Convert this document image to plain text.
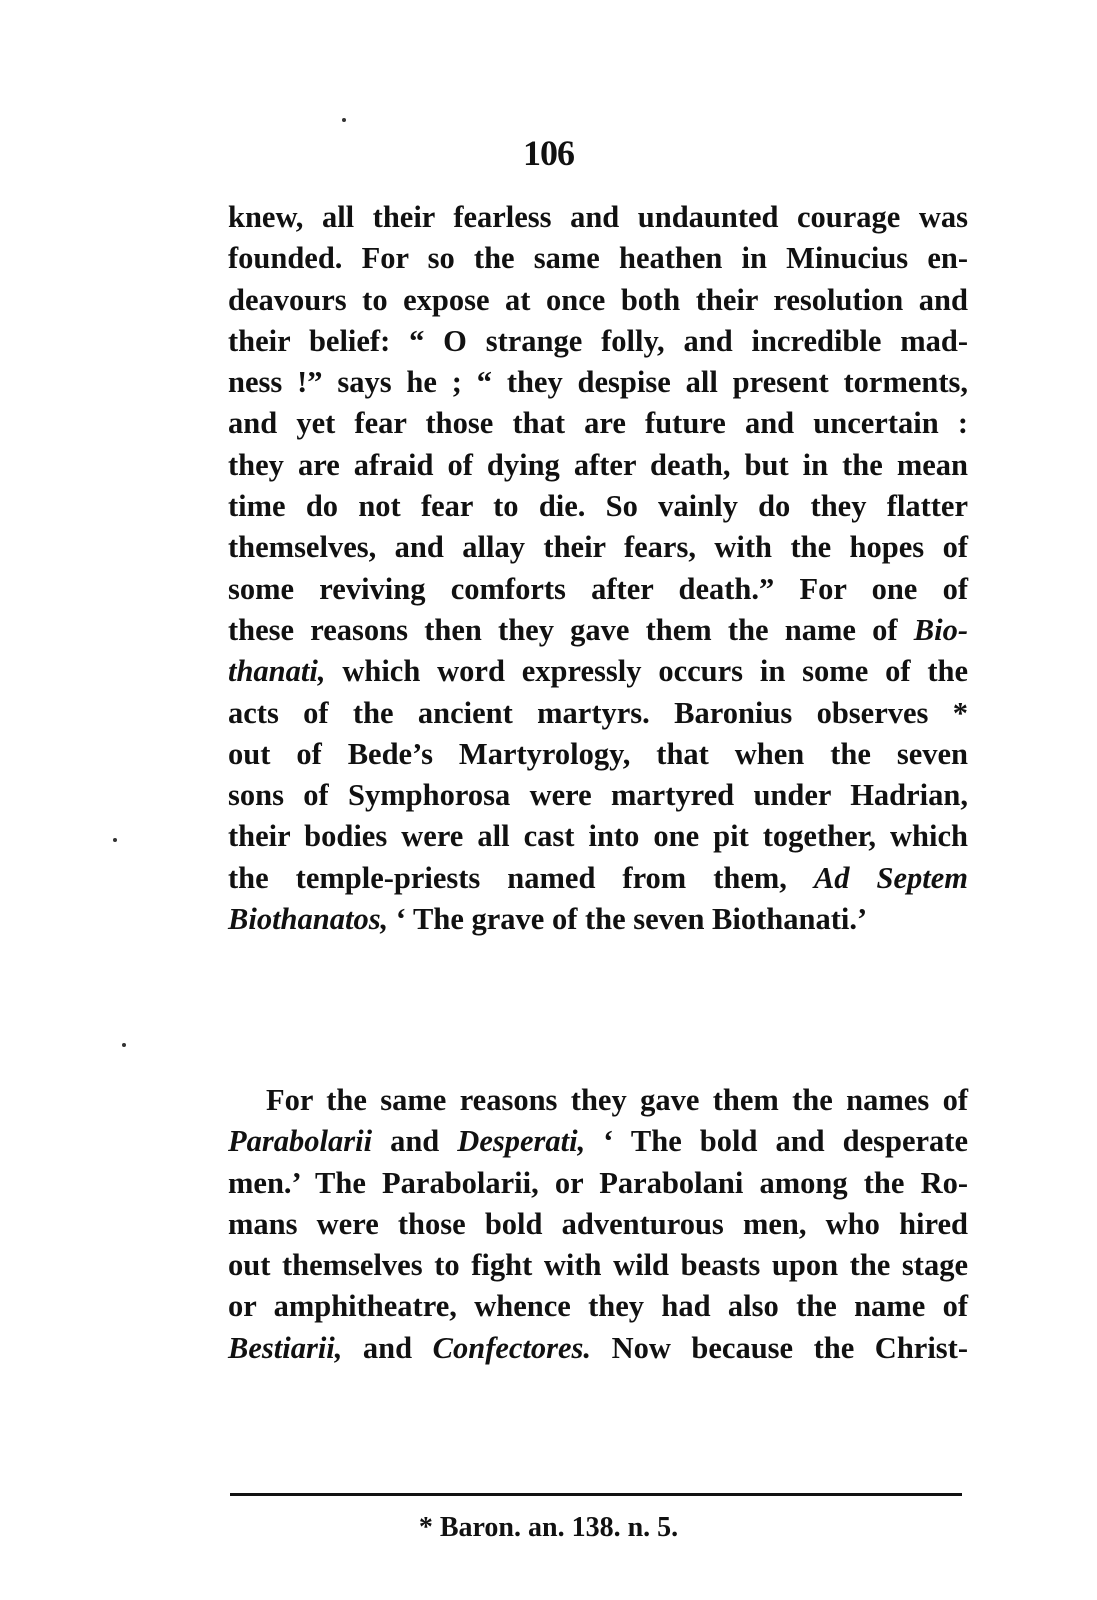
106
knew, all their fearless and undaunted courage was
founded. For so the same heathen in Minucius en-
deavours to expose at once both their resolution and
their belief: “ O strange folly, and incredible mad-
ness !” says he ; “ they despise all present torments,
and yet fear those that are future and uncertain :
they are afraid of dying after death, but in the mean
time do not fear to die. So vainly do they flatter
themselves, and allay their fears, with the hopes of
some reviving comforts after death.” For one of
these reasons then they gave them the name of Bio-
thanati, which word expressly occurs in some of the
acts of the ancient martyrs. Baronius observes *
out of Bede’s Martyrology, that when the seven
sons of Symphorosa were martyred under Hadrian,
their bodies were all cast into one pit together, which
the temple-priests named from them, Ad Septem
Biothanatos, ‘ The grave of the seven Biothanati.’
For the same reasons they gave them the names of
Parabolarii and Desperati, ‘ The bold and desperate
men.’ The Parabolarii, or Parabolani among the Ro-
mans were those bold adventurous men, who hired
out themselves to fight with wild beasts upon the stage
or amphitheatre, whence they had also the name of
Bestiarii, and Confectores. Now because the Christ-
* Baron. an. 138. n. 5.
